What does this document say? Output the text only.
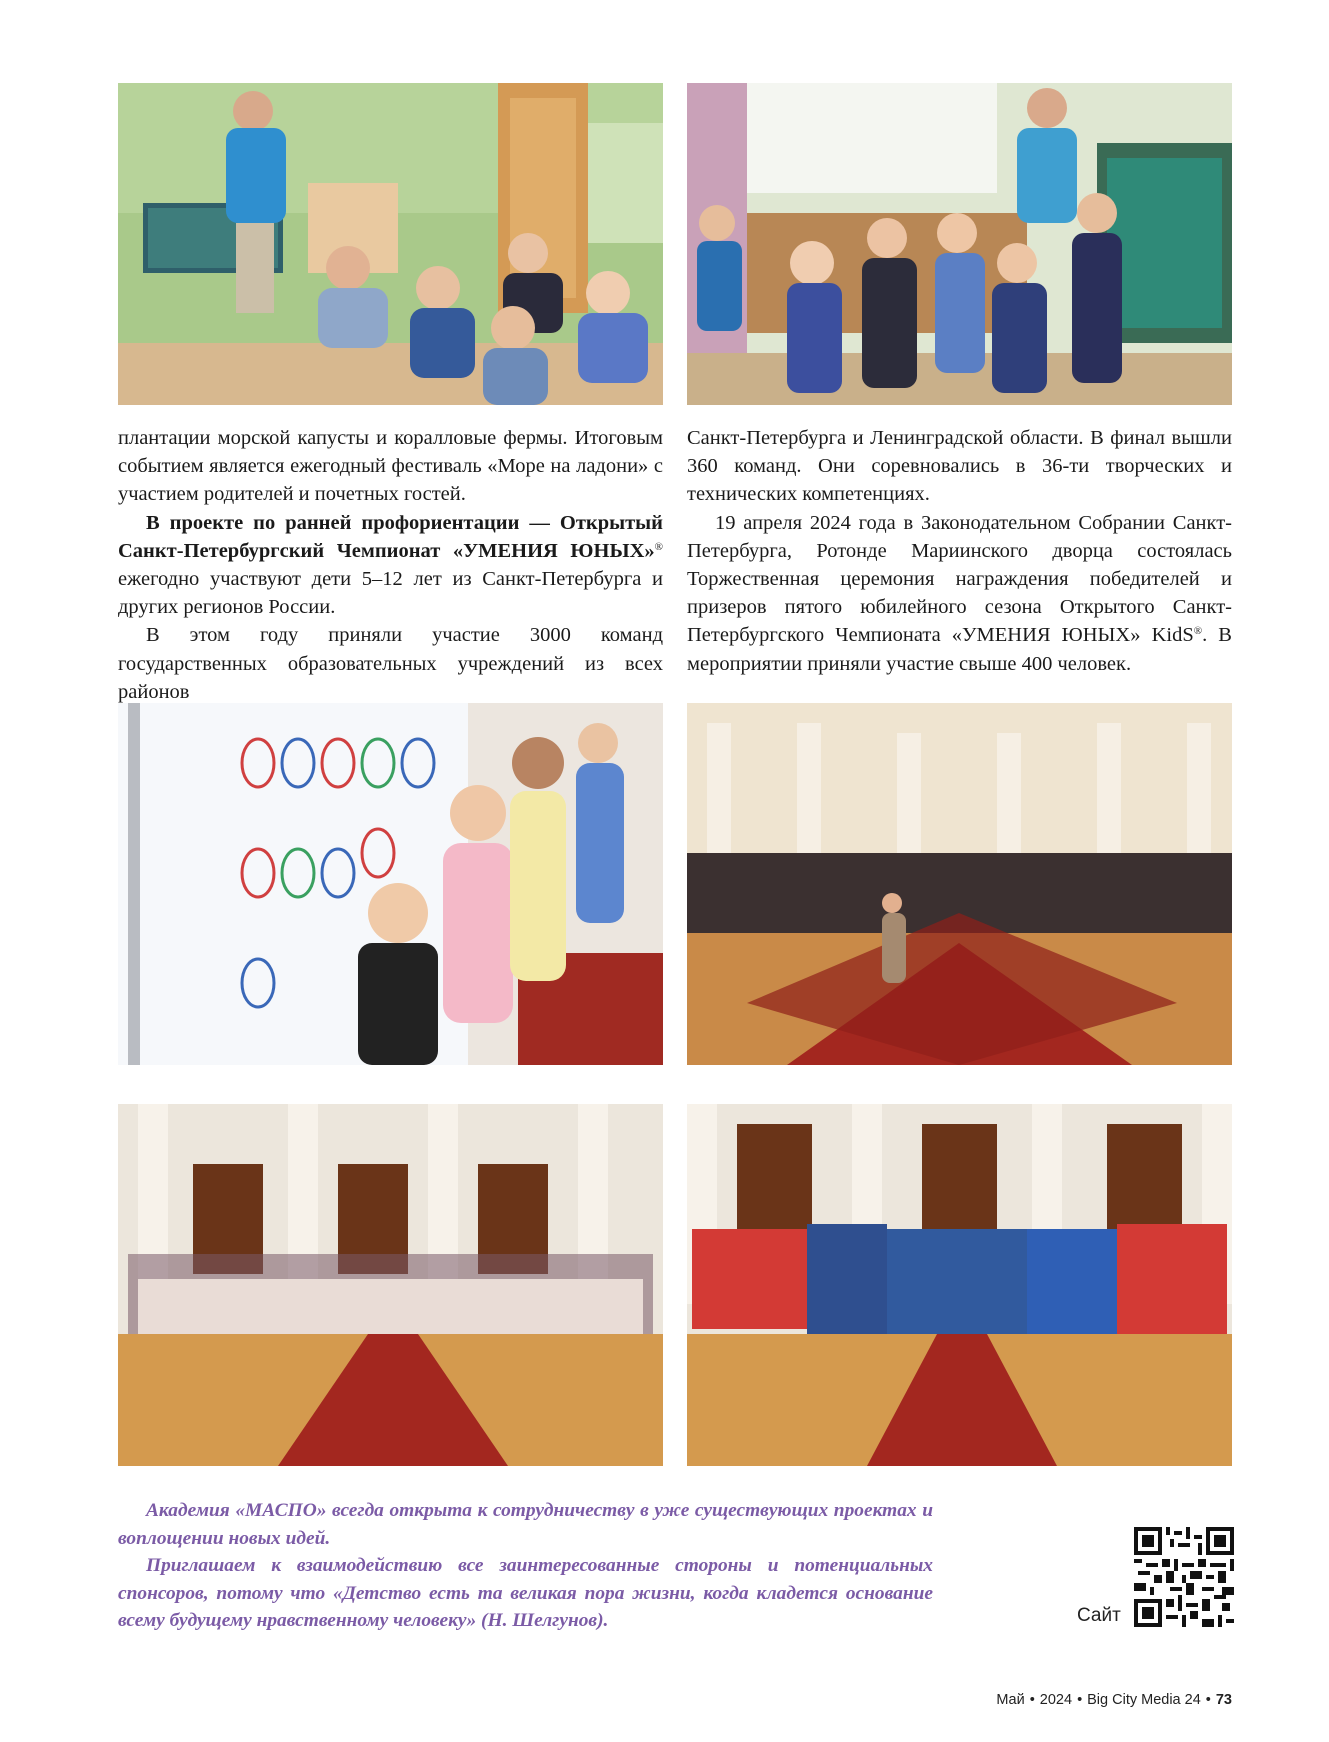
плантации морской капусты и коралловые фермы. Итоговым событием является ежегодный фестиваль «Море на ладони» с участием родителей и почетных гостей.

В проекте по ранней профориентации — Открытый Санкт-Петербургский Чемпионат «УМЕНИЯ ЮНЫХ»® ежегодно участвуют дети 5–12 лет из Санкт-Петербурга и других регионов России.

В этом году приняли участие 3000 команд государственных образовательных учреждений из всех районов

Санкт-Петербурга и Ленинградской области. В финал вышли 360 команд. Они соревновались в 36-ти творческих и технических компетенциях.

19 апреля 2024 года в Законодательном Собрании Санкт-Петербурга, Ротонде Мариинского дворца состоялась Торжественная церемония награждения победителей и призеров пятого юбилейного сезона Открытого Санкт-Петербургского Чемпионата «УМЕНИЯ ЮНЫХ» KidS®. В мероприятии приняли участие свыше 400 человек.

Академия «МАСПО» всегда открыта к сотрудничеству в уже существующих проектах и воплощении новых идей.

Приглашаем к взаимодействию все заинтересованные стороны и потенциальных спонсоров, потому что «Детство есть та великая пора жизни, когда кладется основание всему будущему нравственному человеку» (Н. Шелгунов).	Сайт
Май • 2024 • Big City Media 24 • 73
